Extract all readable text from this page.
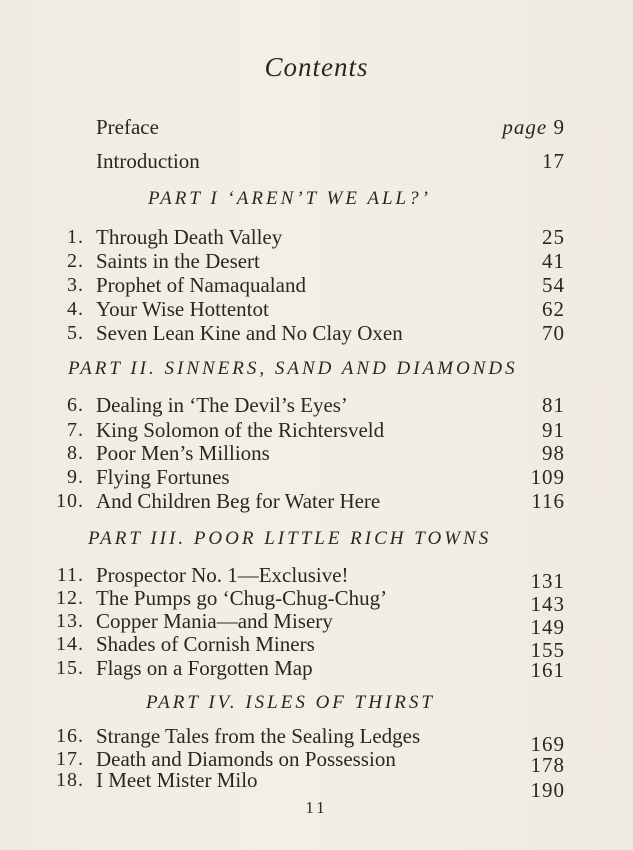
Contents
Preface	page 9
Introduction	17
PART I ‘AREN’T WE ALL?’
1. Through Death Valley	25
2. Saints in the Desert	41
3. Prophet of Namaqualand	54
4. Your Wise Hottentot	62
5. Seven Lean Kine and No Clay Oxen	70
PART II. SINNERS, SAND AND DIAMONDS
6. Dealing in ‘The Devil’s Eyes’	81
7. King Solomon of the Richtersveld	91
8. Poor Men’s Millions	98
9. Flying Fortunes	109
10. And Children Beg for Water Here	116
PART III. POOR LITTLE RICH TOWNS
11. Prospector No. 1—Exclusive!	131
12. The Pumps go ‘Chug-Chug-Chug’	143
13. Copper Mania—and Misery	149
14. Shades of Cornish Miners	155
15. Flags on a Forgotten Map	161
PART IV. ISLES OF THIRST
16. Strange Tales from the Sealing Ledges	169
17. Death and Diamonds on Possession	178
18. I Meet Mister Milo	190
11
